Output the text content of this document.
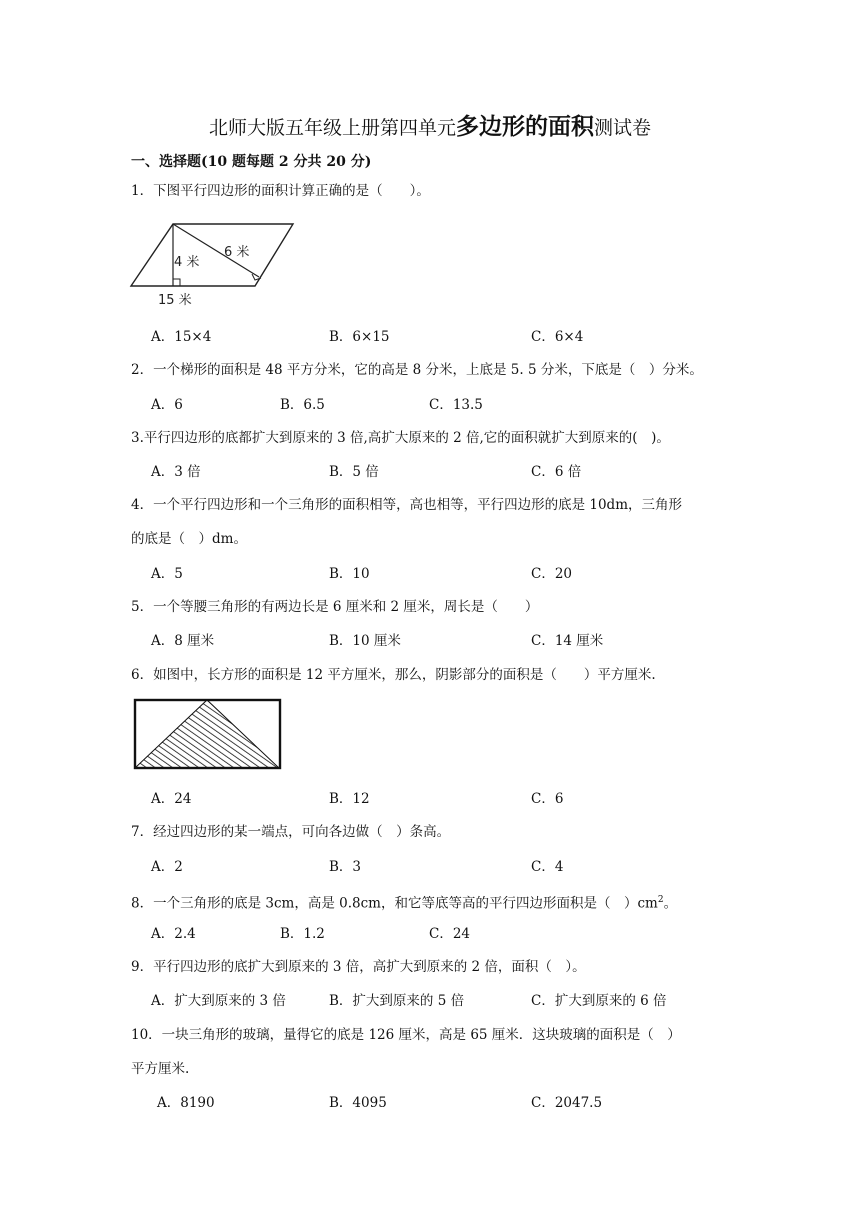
北师大版五年级上册第四单元多边形的面积测试卷
一、选择题(10 题每题 2 分共 20 分)
1．下图平行四边形的面积计算正确的是（　　）。
6 米
4 米
15 米
A．15×4	B．6×15	C．6×4
2．一个梯形的面积是 48 平方分米，它的高是 8 分米，上底是 5. 5 分米，下底是（　）分米。
A．6	B．6.5	C．13.5
3.平行四边形的底都扩大到原来的 3 倍,高扩大原来的 2 倍,它的面积就扩大到原来的(　)。
A．3 倍	B．5 倍	C．6 倍
4．一个平行四边形和一个三角形的面积相等，高也相等，平行四边形的底是 10dm，三角形
的底是（　）dm。
A．5	B．10	C．20
5．一个等腰三角形的有两边长是 6 厘米和 2 厘米，周长是（　　）
A．8 厘米	B．10 厘米	C．14 厘米
6．如图中，长方形的面积是 12 平方厘米，那么，阴影部分的面积是（　　）平方厘米.
A．24	B．12	C．6
7．经过四边形的某一端点，可向各边做（　）条高。
A．2	B．3	C．4
8．一个三角形的底是 3cm，高是 0.8cm，和它等底等高的平行四边形面积是（　）$cm^2$。
A．2.4	B．1.2	C．24
9．平行四边形的底扩大到原来的 3 倍，高扩大到原来的 2 倍，面积（　）。
A．扩大到原来的 3 倍	B．扩大到原来的 5 倍	C．扩大到原来的 6 倍
10．一块三角形的玻璃，量得它的底是 126 厘米，高是 65 厘米．这块玻璃的面积是（　）
平方厘米.
A．8190	B．4095	C．2047.5
